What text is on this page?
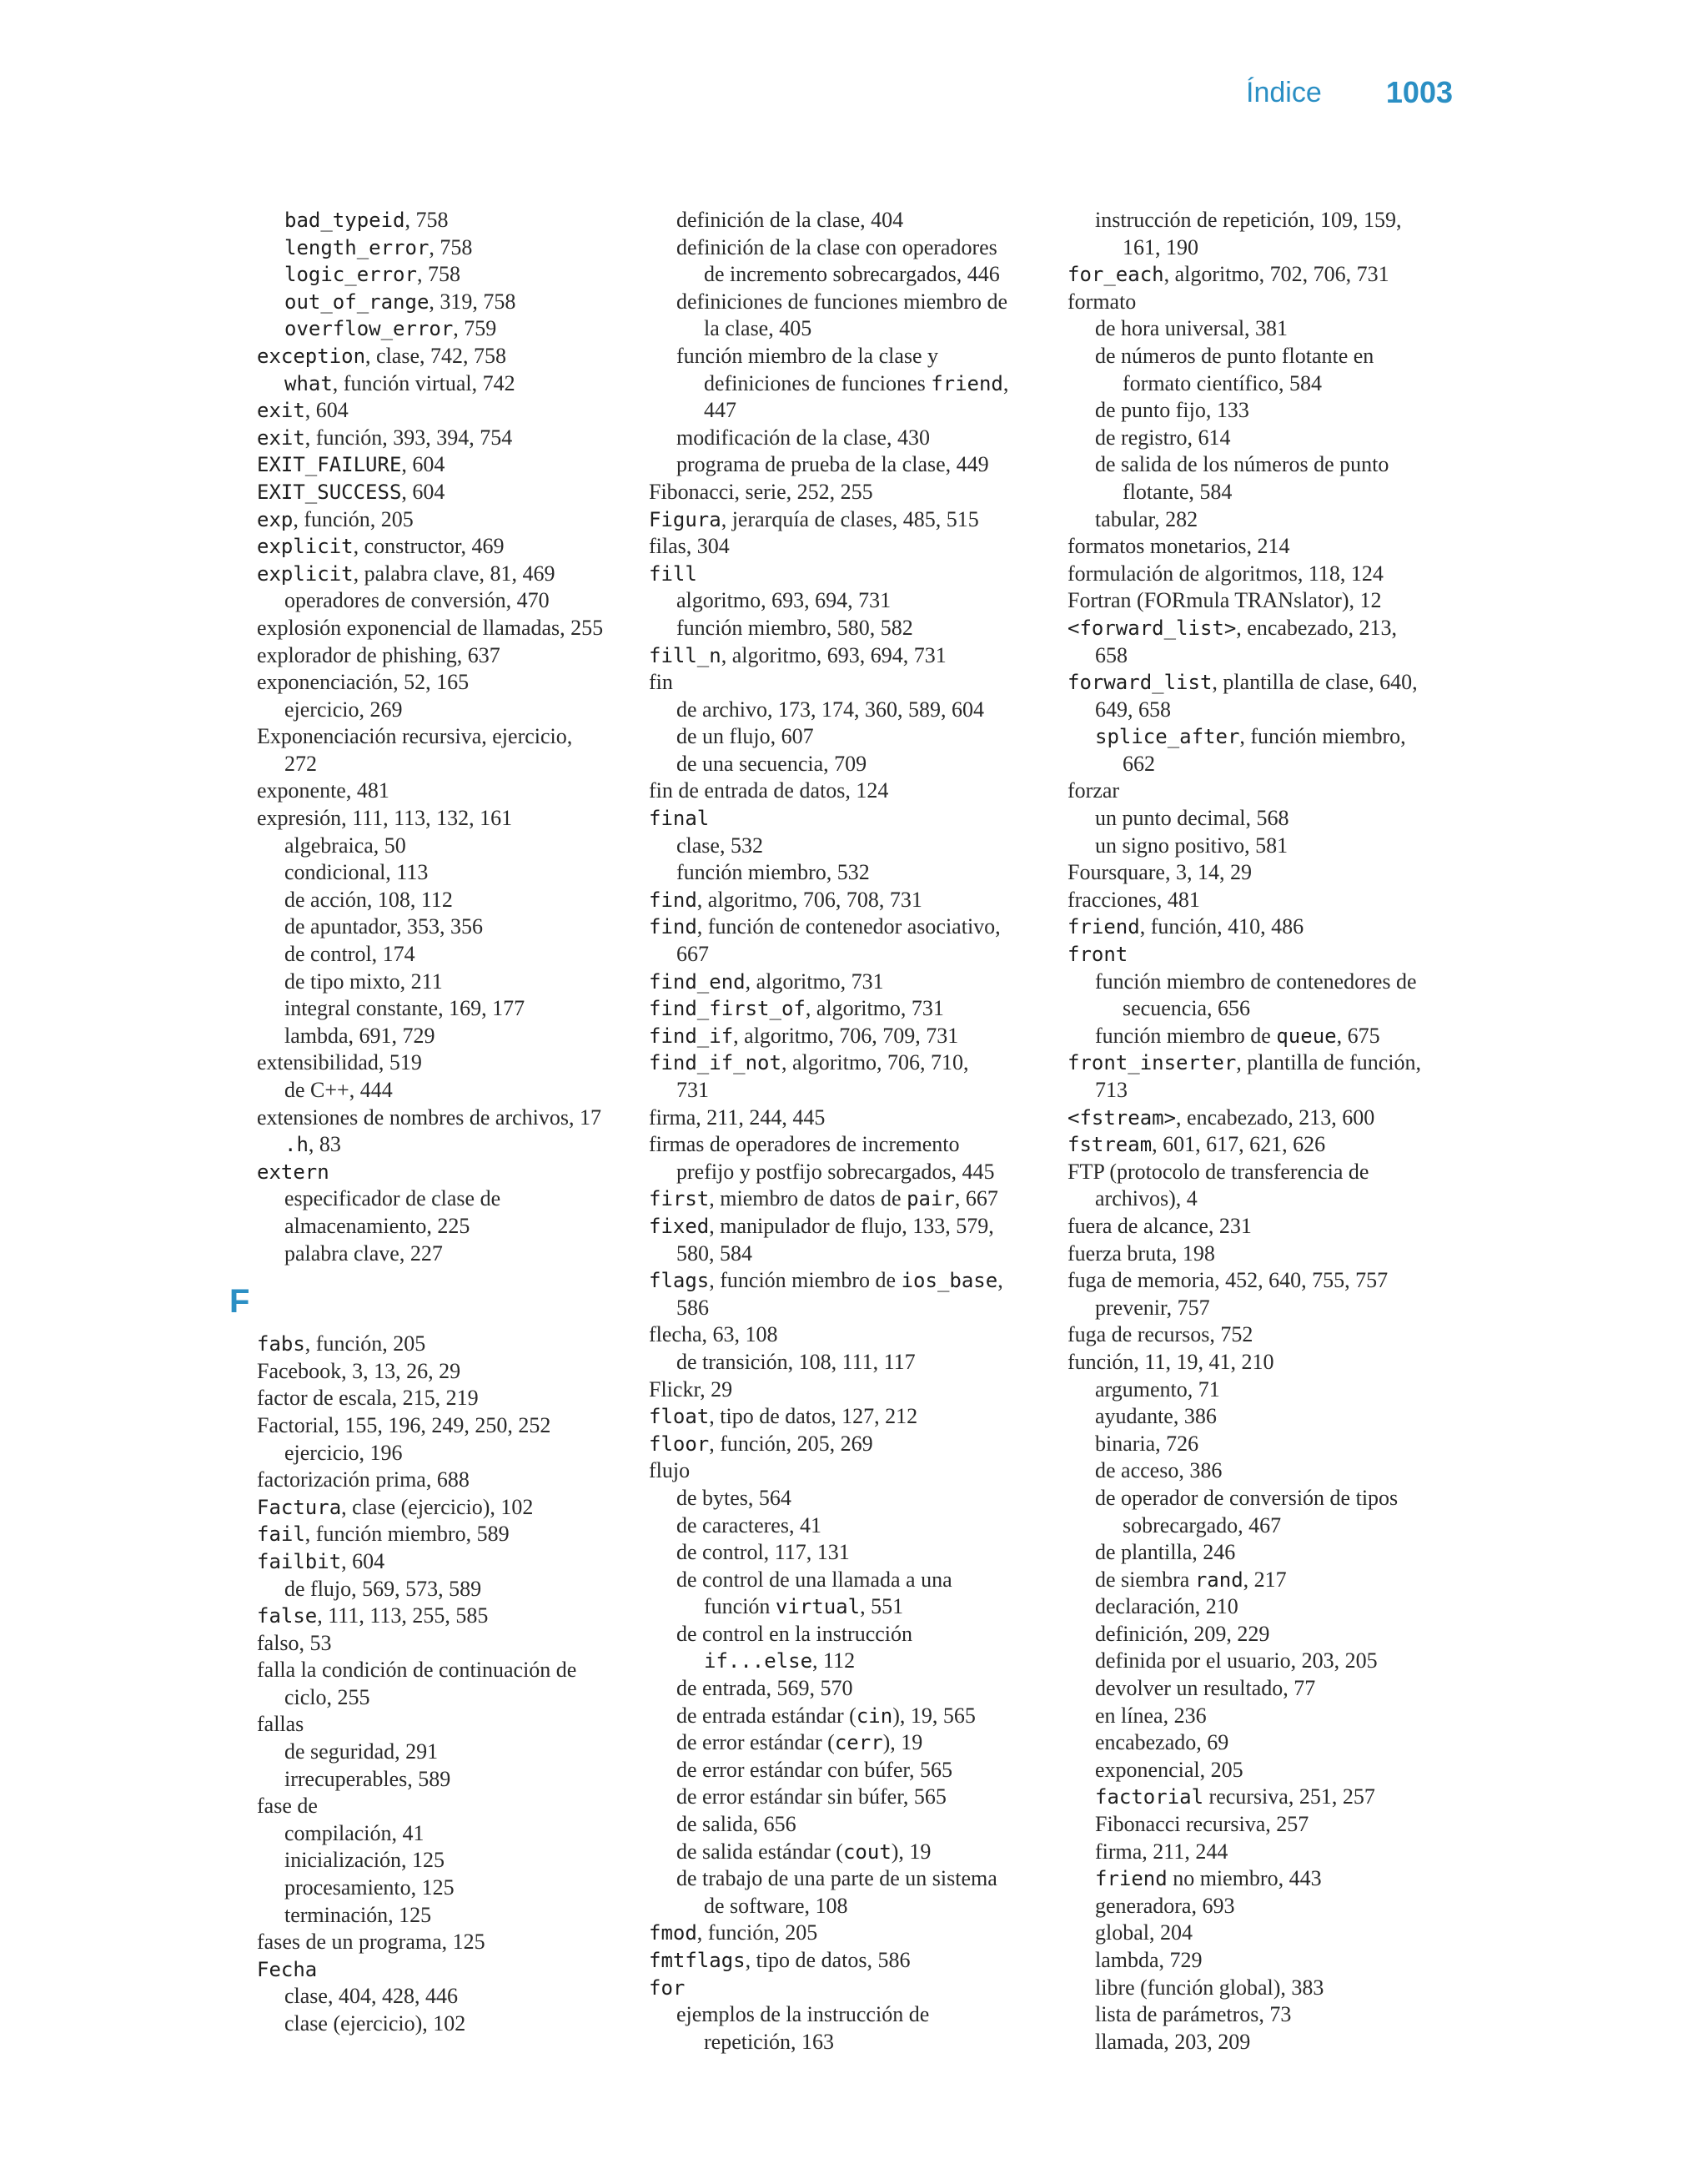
Índice 1003
bad_typeid, 758
length_error, 758
logic_error, 758
out_of_range, 319, 758
overflow_error, 759
exception, clase, 742, 758
what, función virtual, 742
exit, 604
exit, función, 393, 394, 754
EXIT_FAILURE, 604
EXIT_SUCCESS, 604
exp, función, 205
explicit, constructor, 469
explicit, palabra clave, 81, 469
operadores de conversión, 470
explosión exponencial de llamadas, 255
explorador de phishing, 637
exponenciación, 52, 165
ejercicio, 269
Exponenciación recursiva, ejercicio,
272
exponente, 481
expresión, 111, 113, 132, 161
algebraica, 50
condicional, 113
de acción, 108, 112
de apuntador, 353, 356
de control, 174
de tipo mixto, 211
integral constante, 169, 177
lambda, 691, 729
extensibilidad, 519
de C++, 444
extensiones de nombres de archivos, 17
.h, 83
extern
especificador de clase de
almacenamiento, 225
palabra clave, 227
F
fabs, función, 205
Facebook, 3, 13, 26, 29
factor de escala, 215, 219
Factorial, 155, 196, 249, 250, 252
ejercicio, 196
factorización prima, 688
Factura, clase (ejercicio), 102
fail, función miembro, 589
failbit, 604
de flujo, 569, 573, 589
false, 111, 113, 255, 585
falso, 53
falla la condición de continuación de
ciclo, 255
fallas
de seguridad, 291
irrecuperables, 589
fase de
compilación, 41
inicialización, 125
procesamiento, 125
terminación, 125
fases de un programa, 125
Fecha
clase, 404, 428, 446
clase (ejercicio), 102
definición de la clase, 404
definición de la clase con operadores
de incremento sobrecargados, 446
definiciones de funciones miembro de
la clase, 405
función miembro de la clase y
definiciones de funciones friend,
447
modificación de la clase, 430
programa de prueba de la clase, 449
Fibonacci, serie, 252, 255
Figura, jerarquía de clases, 485, 515
filas, 304
fill
algoritmo, 693, 694, 731
función miembro, 580, 582
fill_n, algoritmo, 693, 694, 731
fin
de archivo, 173, 174, 360, 589, 604
de un flujo, 607
de una secuencia, 709
fin de entrada de datos, 124
final
clase, 532
función miembro, 532
find, algoritmo, 706, 708, 731
find, función de contenedor asociativo,
667
find_end, algoritmo, 731
find_first_of, algoritmo, 731
find_if, algoritmo, 706, 709, 731
find_if_not, algoritmo, 706, 710,
731
firma, 211, 244, 445
firmas de operadores de incremento
prefijo y postfijo sobrecargados, 445
first, miembro de datos de pair, 667
fixed, manipulador de flujo, 133, 579,
580, 584
flags, función miembro de ios_base,
586
flecha, 63, 108
de transición, 108, 111, 117
Flickr, 29
float, tipo de datos, 127, 212
floor, función, 205, 269
flujo
de bytes, 564
de caracteres, 41
de control, 117, 131
de control de una llamada a una
función virtual, 551
de control en la instrucción
if...else, 112
de entrada, 569, 570
de entrada estándar (cin), 19, 565
de error estándar (cerr), 19
de error estándar con búfer, 565
de error estándar sin búfer, 565
de salida, 656
de salida estándar (cout), 19
de trabajo de una parte de un sistema
de software, 108
fmod, función, 205
fmtflags, tipo de datos, 586
for
ejemplos de la instrucción de
repetición, 163
instrucción de repetición, 109, 159,
161, 190
for_each, algoritmo, 702, 706, 731
formato
de hora universal, 381
de números de punto flotante en
formato científico, 584
de punto fijo, 133
de registro, 614
de salida de los números de punto
flotante, 584
tabular, 282
formatos monetarios, 214
formulación de algoritmos, 118, 124
Fortran (FORmula TRANslator), 12
<forward_list>, encabezado, 213,
658
forward_list, plantilla de clase, 640,
649, 658
splice_after, función miembro,
662
forzar
un punto decimal, 568
un signo positivo, 581
Foursquare, 3, 14, 29
fracciones, 481
friend, función, 410, 486
front
función miembro de contenedores de
secuencia, 656
función miembro de queue, 675
front_inserter, plantilla de función,
713
<fstream>, encabezado, 213, 600
fstream, 601, 617, 621, 626
FTP (protocolo de transferencia de
archivos), 4
fuera de alcance, 231
fuerza bruta, 198
fuga de memoria, 452, 640, 755, 757
prevenir, 757
fuga de recursos, 752
función, 11, 19, 41, 210
argumento, 71
ayudante, 386
binaria, 726
de acceso, 386
de operador de conversión de tipos
sobrecargado, 467
de plantilla, 246
de siembra rand, 217
declaración, 210
definición, 209, 229
definida por el usuario, 203, 205
devolver un resultado, 77
en línea, 236
encabezado, 69
exponencial, 205
factorial recursiva, 251, 257
Fibonacci recursiva, 257
firma, 211, 244
friend no miembro, 443
generadora, 693
global, 204
lambda, 729
libre (función global), 383
lista de parámetros, 73
llamada, 203, 209
